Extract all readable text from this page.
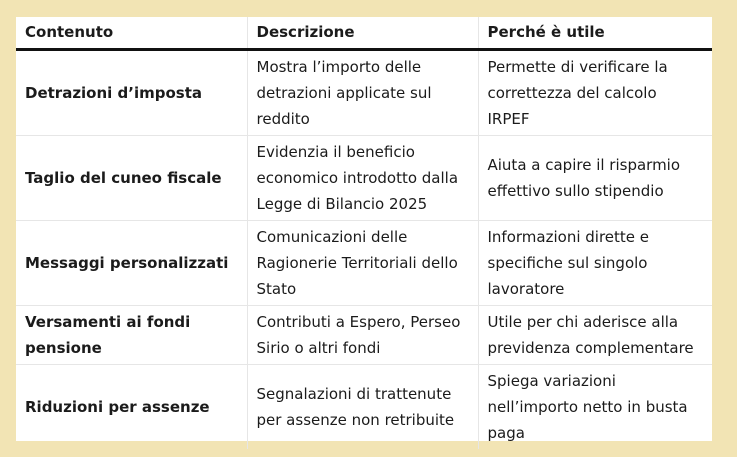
Contenuto	Descrizione	Perché è utile
Detrazioni d’imposta	Mostra l’importo delle detrazioni applicate sul reddito	Permette di verificare la correttezza del calcolo IRPEF
Taglio del cuneo fiscale	Evidenzia il beneficio economico introdotto dalla Legge di Bilancio 2025	Aiuta a capire il risparmio effettivo sullo stipendio
Messaggi personalizzati	Comunicazioni delle Ragionerie Territoriali dello Stato	Informazioni dirette e specifiche sul singolo lavoratore
Versamenti ai fondi pensione	Contributi a Espero, Perseo Sirio o altri fondi	Utile per chi aderisce alla previdenza complementare
Riduzioni per assenze	Segnalazioni di trattenute per assenze non retribuite	Spiega variazioni nell’importo netto in busta paga
